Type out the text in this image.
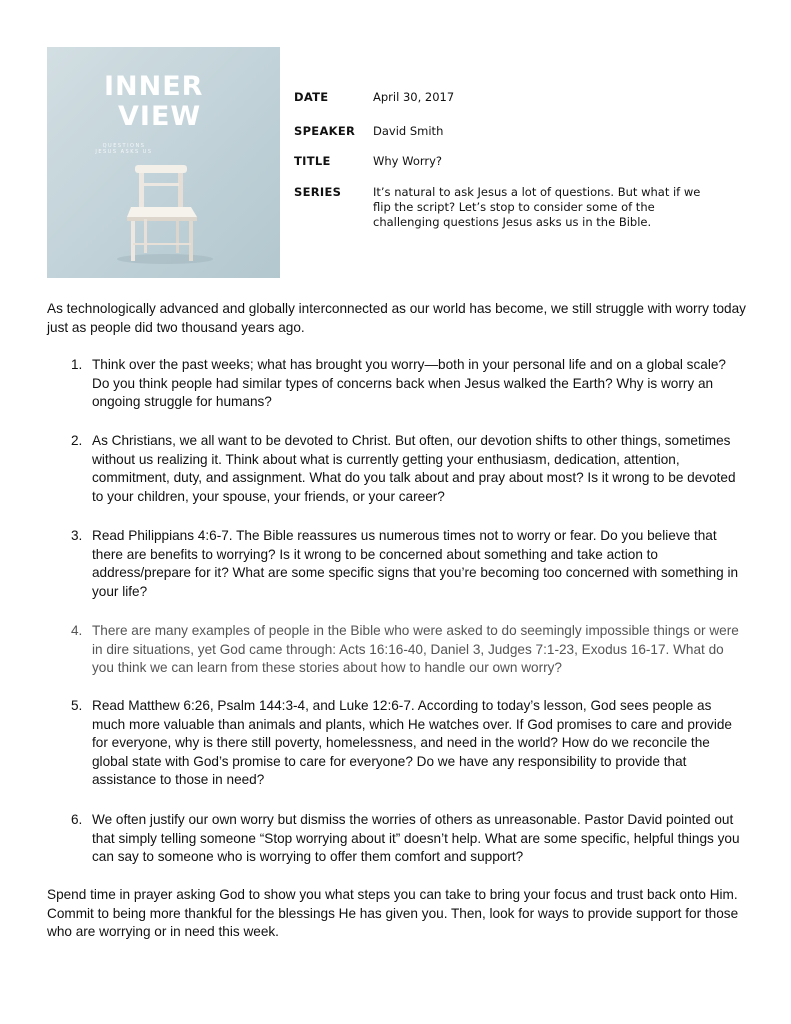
INNER
VIEW
QUESTIONS JESUS ASKS US
DATE	April 30, 2017
SPEAKER David Smith
TITLE	Why Worry?
SERIES	It’s natural to ask Jesus a lot of questions. But what if we flip the script? Let’s stop to consider some of the challenging questions Jesus asks us in the Bible.

As technologically advanced and globally interconnected as our world has become, we still struggle with worry today just as people did two thousand years ago.

1. Think over the past weeks; what has brought you worry—both in your personal life and on a global scale? Do you think people had similar types of concerns back when Jesus walked the Earth? Why is worry an ongoing struggle for humans?
2. As Christians, we all want to be devoted to Christ. But often, our devotion shifts to other things, sometimes without us realizing it. Think about what is currently getting your enthusiasm, dedication, attention, commitment, duty, and assignment. What do you talk about and pray about most? Is it wrong to be devoted to your children, your spouse, your friends, or your career?
3. Read Philippians 4:6-7. The Bible reassures us numerous times not to worry or fear. Do you believe that there are benefits to worrying? Is it wrong to be concerned about something and take action to address/prepare for it? What are some specific signs that you’re becoming too concerned with something in your life?
4. There are many examples of people in the Bible who were asked to do seemingly impossible things or were in dire situations, yet God came through: Acts 16:16-40, Daniel 3, Judges 7:1-23, Exodus 16-17. What do you think we can learn from these stories about how to handle our own worry?
5. Read Matthew 6:26, Psalm 144:3-4, and Luke 12:6-7. According to today’s lesson, God sees people as much more valuable than animals and plants, which He watches over. If God promises to care and provide for everyone, why is there still poverty, homelessness, and need in the world? How do we reconcile the global state with God’s promise to care for everyone? Do we have any responsibility to provide that assistance to those in need?
6. We often justify our own worry but dismiss the worries of others as unreasonable. Pastor David pointed out that simply telling someone “Stop worrying about it” doesn’t help. What are some specific, helpful things you can say to someone who is worrying to offer them comfort and support?

Spend time in prayer asking God to show you what steps you can take to bring your focus and trust back onto Him. Commit to being more thankful for the blessings He has given you. Then, look for ways to provide support for those who are worrying or in need this week.
